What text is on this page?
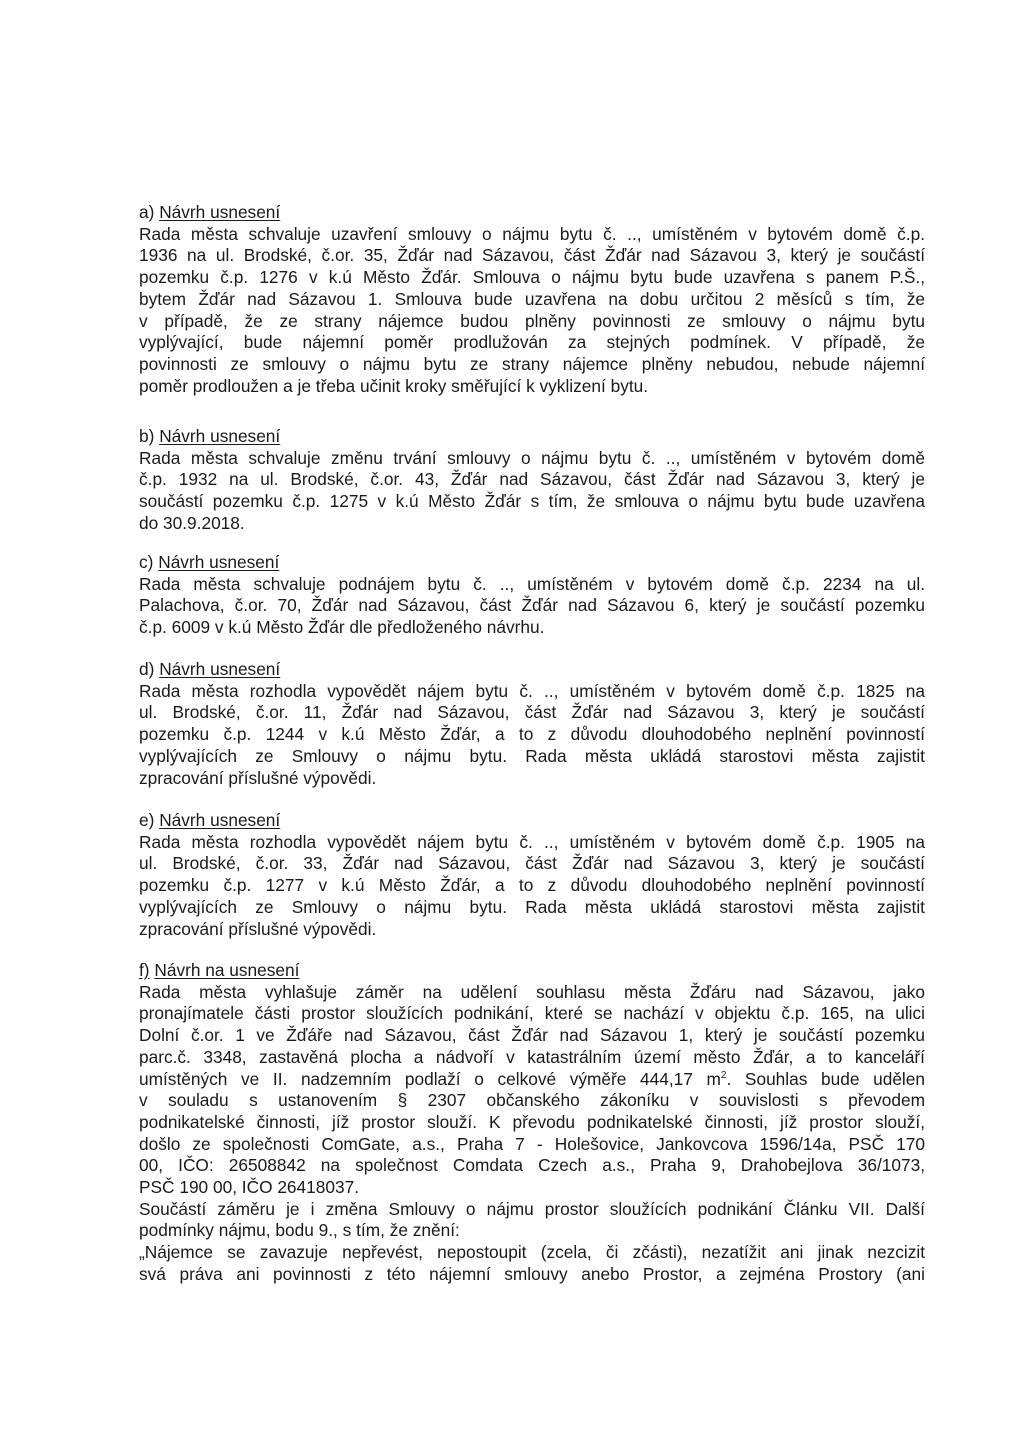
a) Návrh usnesení

Rada města schvaluje uzavření smlouvy o nájmu bytu č. .., umístěném v bytovém domě č.p.
1936 na ul. Brodské, č.or. 35, Žďár nad Sázavou, část Žďár nad Sázavou 3, který je součástí
pozemku č.p. 1276 v k.ú Město Žďár. Smlouva o nájmu bytu bude uzavřena s panem P.Š.,
bytem Žďár nad Sázavou 1. Smlouva bude uzavřena na dobu určitou 2 měsíců s tím, že
v případě, že ze strany nájemce budou plněny povinnosti ze smlouvy o nájmu bytu
vyplývající, bude nájemní poměr prodlužován za stejných podmínek. V případě, že
povinnosti ze smlouvy o nájmu bytu ze strany nájemce plněny nebudou, nebude nájemní
poměr prodloužen a je třeba učinit kroky směřující k vyklizení bytu.

b) Návrh usnesení

Rada města schvaluje změnu trvání smlouvy o nájmu bytu č. .., umístěném v bytovém domě
č.p. 1932 na ul. Brodské, č.or. 43, Žďár nad Sázavou, část Žďár nad Sázavou 3, který je
součástí pozemku č.p. 1275 v k.ú Město Žďár s tím, že smlouva o nájmu bytu bude uzavřena
do 30.9.2018.

c) Návrh usnesení

Rada města schvaluje podnájem bytu č. .., umístěném v bytovém domě č.p. 2234 na ul.
Palachova, č.or. 70, Žďár nad Sázavou, část Žďár nad Sázavou 6, který je součástí pozemku
č.p. 6009 v k.ú Město Žďár dle předloženého návrhu.

d) Návrh usnesení

Rada města rozhodla vypovědět nájem bytu č. .., umístěném v bytovém domě č.p. 1825 na
ul. Brodské, č.or. 11, Žďár nad Sázavou, část Žďár nad Sázavou 3, který je součástí
pozemku č.p. 1244 v k.ú Město Žďár, a to z důvodu dlouhodobého neplnění povinností
vyplývajících ze Smlouvy o nájmu bytu. Rada města ukládá starostovi města zajistit
zpracování příslušné výpovědi.

e) Návrh usnesení

Rada města rozhodla vypovědět nájem bytu č. .., umístěném v bytovém domě č.p. 1905 na
ul. Brodské, č.or. 33, Žďár nad Sázavou, část Žďár nad Sázavou 3, který je součástí
pozemku č.p. 1277 v k.ú Město Žďár, a to z důvodu dlouhodobého neplnění povinností
vyplývajících ze Smlouvy o nájmu bytu. Rada města ukládá starostovi města zajistit
zpracování příslušné výpovědi.

f) Návrh na usnesení

Rada města vyhlašuje záměr na udělení souhlasu města Žďáru nad Sázavou, jako
pronajímatele části prostor sloužících podnikání, které se nachází v objektu č.p. 165, na ulici
Dolní č.or. 1 ve Žďáře nad Sázavou, část Žďár nad Sázavou 1, který je součástí pozemku
parc.č. 3348, zastavěná plocha a nádvoří v katastrálním území město Žďár, a to kanceláří
umístěných ve II. nadzemním podlaží o celkové výměře 444,17 $m^2$. Souhlas bude udělen
v souladu s ustanovením § 2307 občanského zákoníku v souvislosti s převodem
podnikatelské činnosti, jíž prostor slouží. K převodu podnikatelské činnosti, jíž prostor slouží,
došlo ze společnosti ComGate, a.s., Praha 7 - Holešovice, Jankovcova 1596/14a, PSČ 170
00, IČO: 26508842 na společnost Comdata Czech a.s., Praha 9, Drahobejlova 36/1073,
PSČ 190 00, IČO 26418037.
Součástí záměru je i změna Smlouvy o nájmu prostor sloužících podnikání Článku VII. Další
podmínky nájmu, bodu 9., s tím, že znění:
„Nájemce se zavazuje nepřevést, nepostoupit (zcela, či zčásti), nezatížit ani jinak nezcizit
svá práva ani povinnosti z této nájemní smlouvy anebo Prostor, a zejména Prostory (ani
